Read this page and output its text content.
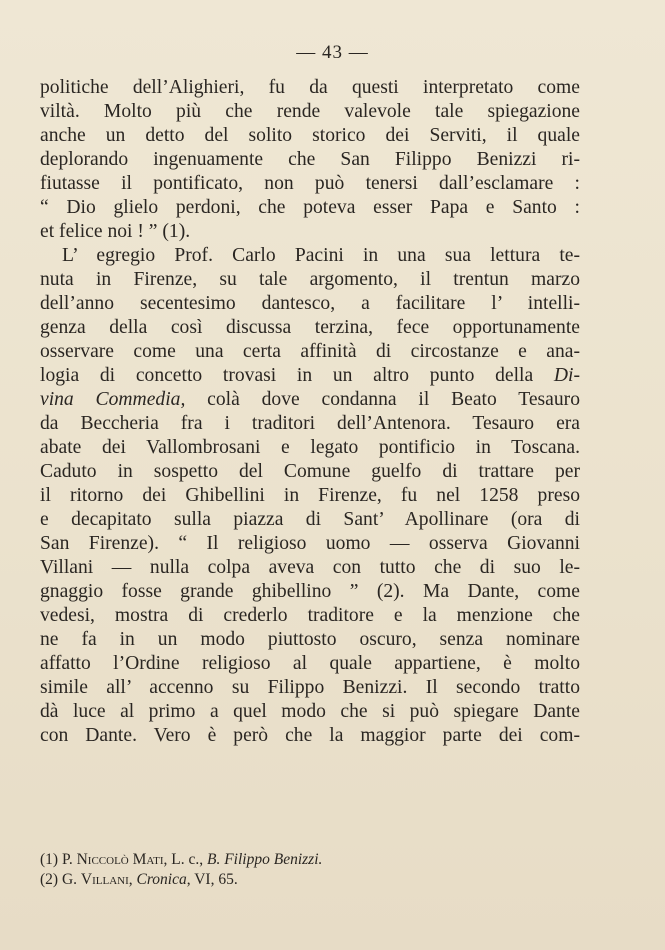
— 43 —
politiche dell’Alighieri, fu da questi interpretato come
viltà. Molto più che rende valevole tale spiegazione
anche un detto del solito storico dei Serviti, il quale
deplorando ingenuamente che San Filippo Benizzi ri-
fiutasse il pontificato, non può tenersi dall’esclamare :
“ Dio glielo perdoni, che poteva esser Papa e Santo :
et felice noi ! ” (1).
L’ egregio Prof. Carlo Pacini in una sua lettura te-
nuta in Firenze, su tale argomento, il trentun marzo
dell’anno secentesimo dantesco, a facilitare l’ intelli-
genza della così discussa terzina, fece opportunamente
osservare come una certa affinità di circostanze e ana-
logia di concetto trovasi in un altro punto della Di-
vina Commedia, colà dove condanna il Beato Tesauro
da Beccheria fra i traditori dell’Antenora. Tesauro era
abate dei Vallombrosani e legato pontificio in Toscana.
Caduto in sospetto del Comune guelfo di trattare per
il ritorno dei Ghibellini in Firenze, fu nel 1258 preso
e decapitato sulla piazza di Sant’ Apollinare (ora di
San Firenze). “ Il religioso uomo — osserva Giovanni
Villani — nulla colpa aveva con tutto che di suo le-
gnaggio fosse grande ghibellino ” (2). Ma Dante, come
vedesi, mostra di crederlo traditore e la menzione che
ne fa in un modo piuttosto oscuro, senza nominare
affatto l’Ordine religioso al quale appartiene, è molto
simile all’ accenno su Filippo Benizzi. Il secondo tratto
dà luce al primo a quel modo che si può spiegare Dante
con Dante. Vero è però che la maggior parte dei com-
(1) P. Niccolò Mati, L. c., B. Filippo Benizzi.
(2) G. Villani, Cronica, VI, 65.
